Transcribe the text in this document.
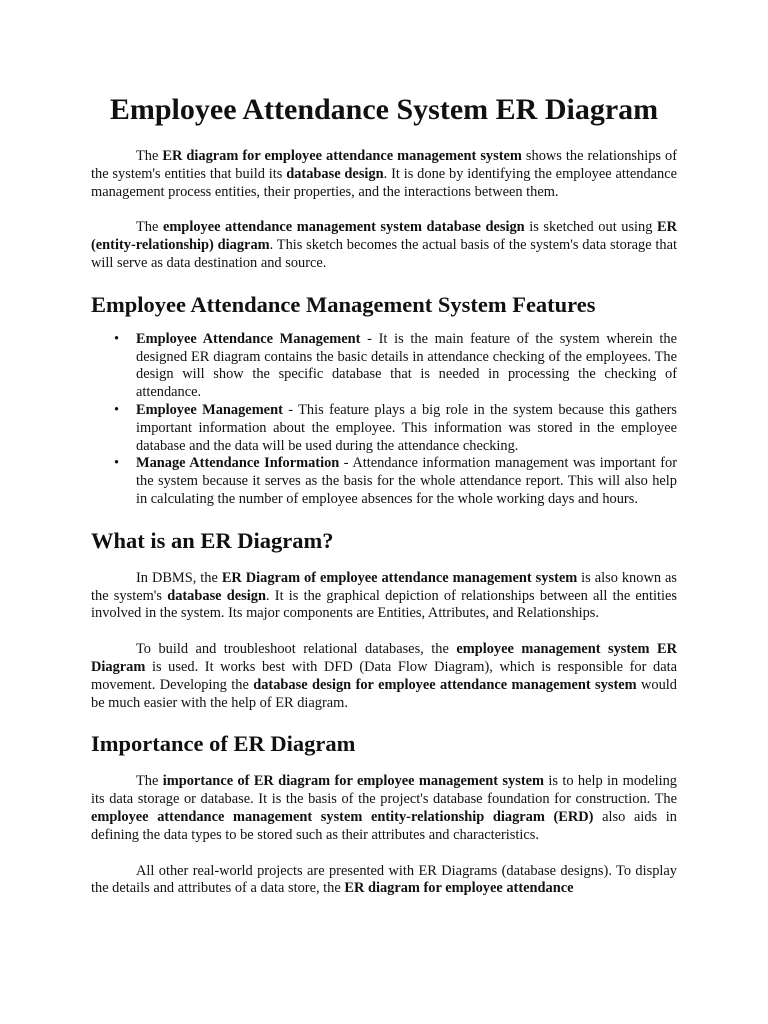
Employee Attendance System ER Diagram

The ER diagram for employee attendance management system shows the relationships of the system's entities that build its database design. It is done by identifying the employee attendance management process entities, their properties, and the interactions between them.

The employee attendance management system database design is sketched out using ER (entity-relationship) diagram. This sketch becomes the actual basis of the system's data storage that will serve as data destination and source.

Employee Attendance Management System Features
• Employee Attendance Management - It is the main feature of the system wherein the designed ER diagram contains the basic details in attendance checking of the employees. The design will show the specific database that is needed in processing the checking of attendance.
• Employee Management - This feature plays a big role in the system because this gathers important information about the employee. This information was stored in the employee database and the data will be used during the attendance checking.
• Manage Attendance Information - Attendance information management was important for the system because it serves as the basis for the whole attendance report. This will also help in calculating the number of employee absences for the whole working days and hours.
What is an ER Diagram?

In DBMS, the ER Diagram of employee attendance management system is also known as the system's database design. It is the graphical depiction of relationships between all the entities involved in the system. Its major components are Entities, Attributes, and Relationships.

To build and troubleshoot relational databases, the employee management system ER Diagram is used. It works best with DFD (Data Flow Diagram), which is responsible for data movement. Developing the database design for employee attendance management system would be much easier with the help of ER diagram.

Importance of ER Diagram

The importance of ER diagram for employee management system is to help in modeling its data storage or database. It is the basis of the project's database foundation for construction. The employee attendance management system entity-relationship diagram (ERD) also aids in defining the data types to be stored such as their attributes and characteristics.

All other real-world projects are presented with ER Diagrams (database designs). To display the details and attributes of a data store, the ER diagram for employee attendance
